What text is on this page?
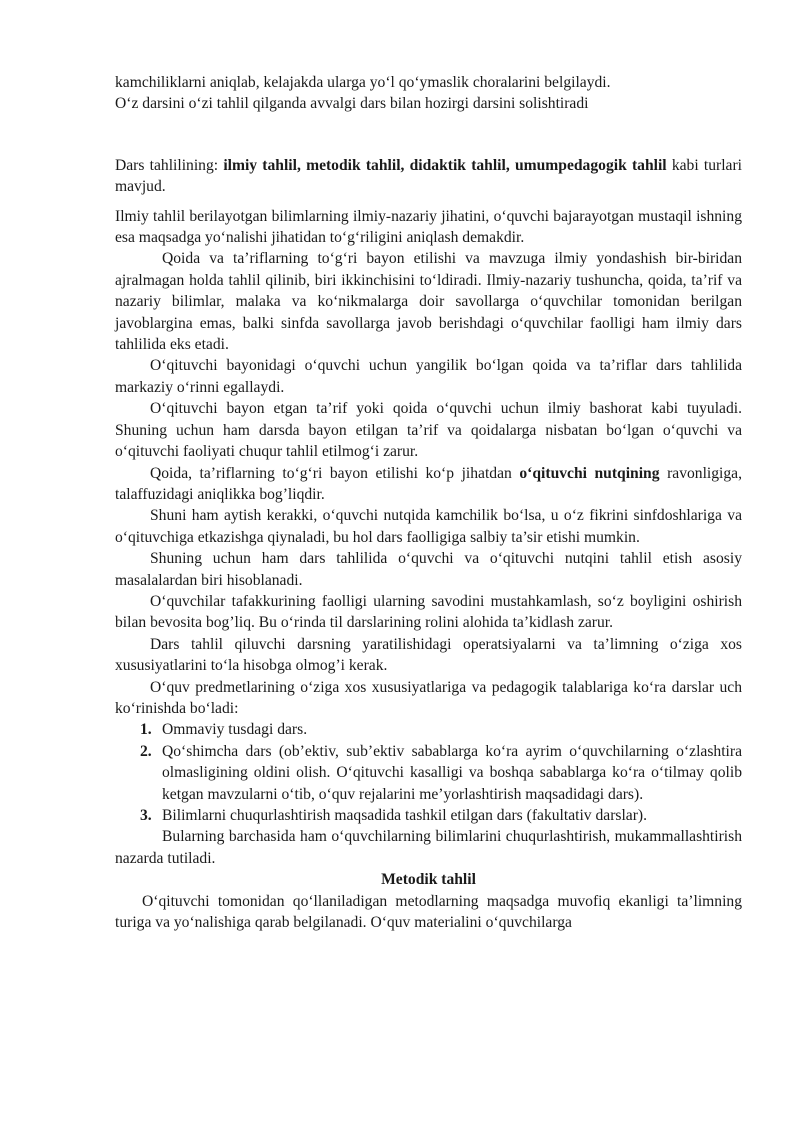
kamchiliklarni aniqlab, kelajakda ularga yo‘l qo‘ymaslik choralarini belgilaydi.

O‘z darsini o‘zi tahlil qilganda avvalgi dars bilan hozirgi darsini solishtiradi

Dars tahlilining: ilmiy tahlil, metodik tahlil, didaktik tahlil, umumpedagogik tahlil kabi turlari mavjud.

Ilmiy tahlil berilayotgan bilimlarning ilmiy-nazariy jihatini, o‘quvchi bajarayotgan mustaqil ishning esa maqsadga yo‘nalishi jihatidan to‘g‘riligini aniqlash demakdir.

Qoida va ta’riflarning to‘g‘ri bayon etilishi va mavzuga ilmiy yondashish bir-biridan ajralmagan holda tahlil qilinib, biri ikkinchisini to‘ldiradi. Ilmiy-nazariy tushuncha, qoida, ta’rif va nazariy bilimlar, malaka va ko‘nikmalarga doir savollarga o‘quvchilar tomonidan berilgan javoblargina emas, balki sinfda savollarga javob berishdagi o‘quvchilar faolligi ham ilmiy dars tahlilida eks etadi.

O‘qituvchi bayonidagi o‘quvchi uchun yangilik bo‘lgan qoida va ta’riflar dars tahlilida markaziy o‘rinni egallaydi.

O‘qituvchi bayon etgan ta’rif yoki qoida o‘quvchi uchun ilmiy bashorat kabi tuyuladi. Shuning uchun ham darsda bayon etilgan ta’rif va qoidalarga nisbatan bo‘lgan o‘quvchi va o‘qituvchi faoliyati chuqur tahlil etilmog‘i zarur.

Qoida, ta’riflarning to‘g‘ri bayon etilishi ko‘p jihatdan o‘qituvchi nutqining ravonligiga, talaffuzidagi aniqlikka bog’liqdir.

Shuni ham aytish kerakki, o‘quvchi nutqida kamchilik bo‘lsa, u o‘z fikrini sinfdoshlariga va o‘qituvchiga etkazishga qiynaladi, bu hol dars faolligiga salbiy ta’sir etishi mumkin.

Shuning uchun ham dars tahlilida o‘quvchi va o‘qituvchi nutqini tahlil etish asosiy masalalardan biri hisoblanadi.

O‘quvchilar tafakkurining faolligi ularning savodini mustahkamlash, so‘z boyligini oshirish bilan bevosita bog’liq. Bu o‘rinda til darslarining rolini alohida ta’kidlash zarur.

Dars tahlil qiluvchi darsning yaratilishidagi operatsiyalarni va ta’limning o‘ziga xos xususiyatlarini to‘la hisobga olmog’i kerak.

O‘quv predmetlarining o‘ziga xos xususiyatlariga va pedagogik talablariga ko‘ra darslar uch ko‘rinishda bo‘ladi:

1. Ommaviy tusdagi dars.
2. Qo‘shimcha dars (ob’ektiv, sub’ektiv sabablarga ko‘ra ayrim o‘quvchilarning o‘zlashtira olmasligining oldini olish. O‘qituvchi kasalligi va boshqa sabablarga ko‘ra o‘tilmay qolib ketgan mavzularni o‘tib, o‘quv rejalarini me’yorlashtirish maqsadidagi dars).
3. Bilimlarni chuqurlashtirish maqsadida tashkil etilgan dars (fakultativ darslar).

Bularning barchasida ham o‘quvchilarning bilimlarini chuqurlashtirish, mukammallashtirish nazarda tutiladi.

Metodik tahlil

O‘qituvchi tomonidan qo‘llaniladigan metodlarning maqsadga muvofiq ekanligi ta’limning turiga va yo‘nalishiga qarab belgilanadi. O‘quv materialini o‘quvchilarga
